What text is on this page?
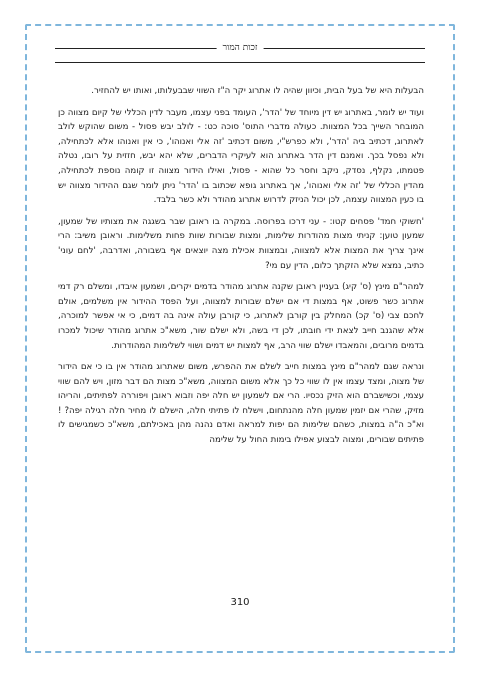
זכות המור

הבעלות היא של בעל הבית, וכיוון שהיה לו אתרוג יקר ה"ז השווי שבבעלותו, ואותו יש להחזיר.

ועוד יש לומר, באתרוג יש דין מיוחד של 'הדר', העומד בפני עצמו, מעבר לדין הכללי של קיום מצווה כן המובחר השייך בכל המצוות. כעולה מדברי התוס' סוכה כט: - לולב יבש פסול - משום שהוקש לולב לאתרוג, דכתיב ביה 'הדר', ולא כפרש"י, משום דכתיב 'זה אלי ואנוהו', כי אין ואנוהו אלא לכתחילה, ולא נפסל בכך. ואמנם דין הדר באתרוג הוא לעיקרי הדברים, שלא יהא יבש, חזזית על רובו, נטלה פטמתו, נקלף, נסדק, ניקב וחסר כל שהוא - פסול, ואילו הידור מצווה זו קומה נוספת לכתחילה, מהדין הכללי של 'זה אלי ואנוהו', אך באתרוג גופא שכתוב בו 'הדר' ניתן לומר שגם ההידור מצווה יש בו כעין המצווה עצמה, לכן יכול הניזק לדרוש אתרוג מהודר ולא כשר בלבד.

'חשוקי חמד' פסחים קטו: - עני דרכו בפרוסה. במקרה בו ראובן שבר בשגגה את מצותיו של שמעון, שמעון טוען: קניתי מצות מהודרות שלימות, ומצות שבורות שוות פחות משלימות. וראובן משיב: הרי אינך צריך את המצות אלא למצווה, ובמצוות אכילת מצה יוצאים אף בשבורה, ואדרבה, 'לחם עוני' כתיב, נמצא שלא הזקתך כלום, הדין עם מי?

למהר"ם מינץ (ס' קיג) בעניין ראובן שקנה אתרוג מהודר בדמים יקרים, ושמעון איבדו, ומשלם רק דמי אתרוג כשר פשוט, אף במצות די אם ישלם שבורות למצווה, ועל הפסד ההידור אין משלמים, אולם לחכם צבי (ס' קכ) המחלק בין קורבן לאתרוג, כי קורבן עולה אינה בה דמים, כי אי אפשר למוכרה, אלא שהגנב חייב לצאת ידי חובתו, לכן די בשה, ולא ישלם שור, משא"כ אתרוג מהודר שיכול למכרו בדמים מרובים, והמאבדו ישלם שווי הרב, אף למצות יש דמים ושווי לשלימות המהודרות.

ונראה שגם למהר"ם מינץ במצות חייב לשלם את ההפרש, משום שאתרוג מהודר אין בו כי אם הידור של מצוה, ומצד עצמו אין לו שווי כל כך אלא משום המצווה, משא"כ מצות הם דבר מזון, ויש להם שווי עצמי, וכשישברם הוא הזיק נכסיו. הרי אם לשמעון יש חלה יפה וזבוא ראובן ויפוררה לפתיתים, והריהו מזיק, שהרי אם יזמין שמעון חלה מהנתחום, וישלח לו פתיתי חלה, הישלם לו מחיר חלה רגילה יפה? ! וא"כ ה"ה במצות, כשהם שלימות הם יפות למראה ואדם נהנה מהן באכילתם, משא"כ כשמגישים לו פתיתים שבורים, ומצוה לבצוע אפילו בימות החול על שלימה

310
